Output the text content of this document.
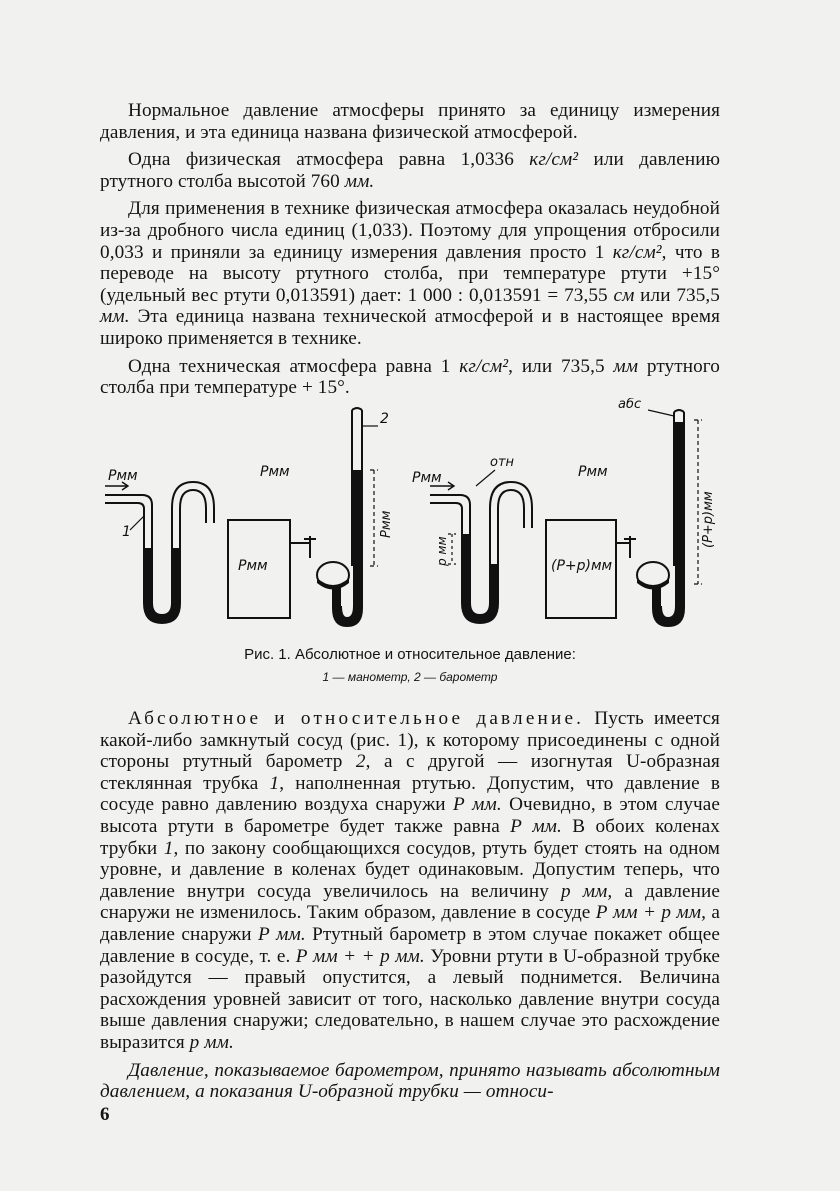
Нормальное давление атмосферы принято за единицу измерения давления, и эта единица названа физической атмосферой.

Одна физическая атмосфера равна 1,0336 кг/см² или давлению ртутного столба высотой 760 мм.

Для применения в технике физическая атмосфера оказалась неудобной из-за дробного числа единиц (1,033). Поэтому для упрощения отбросили 0,033 и приняли за единицу измерения давления просто 1 кг/см², что в переводе на высоту ртутного столба, при температуре ртути +15° (удельный вес ртути 0,013591) дает: 1 000 : 0,013591 = 73,55 см или 735,5 мм. Эта единица названа технической атмосферой и в настоящее время широко применяется в технике.

Одна техническая атмосфера равна 1 кг/см², или 735,5 мм ртутного столба при температуре + 15°.

Рмм	Рмм
Рмм
1
2
Рмм
Рмм	Рмм
(Р+р)мм
отн
абс
р мм
(Р+р)мм
Рис. 1. Абсолютное и относительное давление:
1 — манометр, 2 — барометр

Абсолютное и относительное давление. Пусть имеется какой-либо замкнутый сосуд (рис. 1), к которому присоединены с одной стороны ртутный барометр 2, а с другой — изогнутая U-образная стеклянная трубка 1, наполненная ртутью. Допустим, что давление в сосуде равно давлению воздуха снаружи Р мм. Очевидно, в этом случае высота ртути в барометре будет также равна Р мм. В обоих коленах трубки 1, по закону сообщающихся сосудов, ртуть будет стоять на одном уровне, и давление в коленах будет одинаковым. Допустим теперь, что давление внутри сосуда увеличилось на величину р мм, а давление снаружи не изменилось. Таким образом, давление в сосуде Р мм + р мм, а давление снаружи Р мм. Ртутный барометр в этом случае покажет общее давление в сосуде, т. е. Р мм + + р мм. Уровни ртути в U-образной трубке разойдутся — правый опустится, а левый поднимется. Величина расхождения уровней зависит от того, насколько давление внутри сосуда выше давления снаружи; следовательно, в нашем случае это расхождение выразится р мм.

Давление, показываемое барометром, принято называть абсолютным давлением, а показания U-образной трубки — относи-

6
